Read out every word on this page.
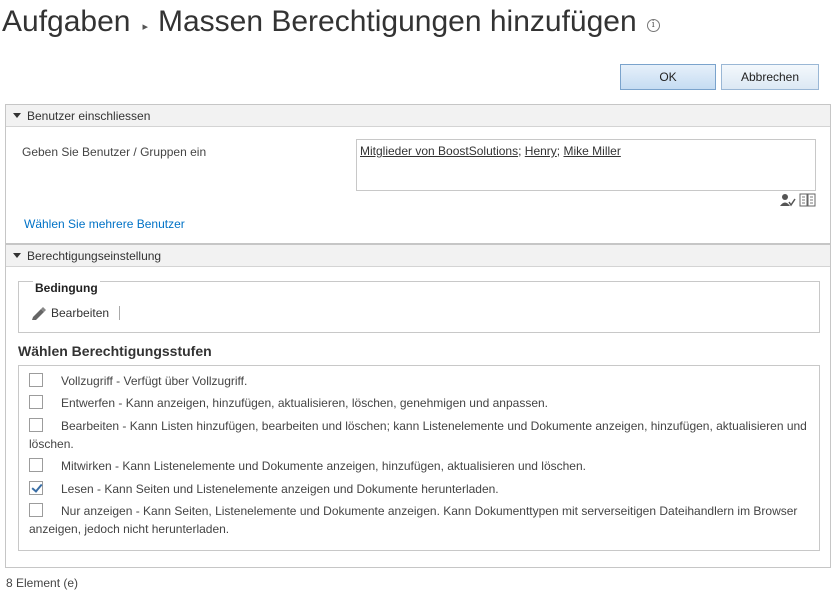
Aufgaben ▸ Massen Berechtigungen hinzufügen	i
OK	Abbrechen
Benutzer einschliessen
Geben Sie Benutzer / Gruppen ein	Mitglieder von BoostSolutions; Henry; Mike Miller
Wählen Sie mehrere Benutzer
Berechtigungseinstellung
Bedingung
Bearbeiten
Wählen Berechtigungsstufen
Vollzugriff - Verfügt über Vollzugriff.
Entwerfen - Kann anzeigen, hinzufügen, aktualisieren, löschen, genehmigen und anpassen.
Bearbeiten - Kann Listen hinzufügen, bearbeiten und löschen; kann Listenelemente und Dokumente anzeigen, hinzufügen, aktualisieren und löschen.
Mitwirken - Kann Listenelemente und Dokumente anzeigen, hinzufügen, aktualisieren und löschen.
Lesen - Kann Seiten und Listenelemente anzeigen und Dokumente herunterladen.
Nur anzeigen - Kann Seiten, Listenelemente und Dokumente anzeigen. Kann Dokumenttypen mit serverseitigen Dateihandlern im Browser anzeigen, jedoch nicht herunterladen.
8 Element (e)
